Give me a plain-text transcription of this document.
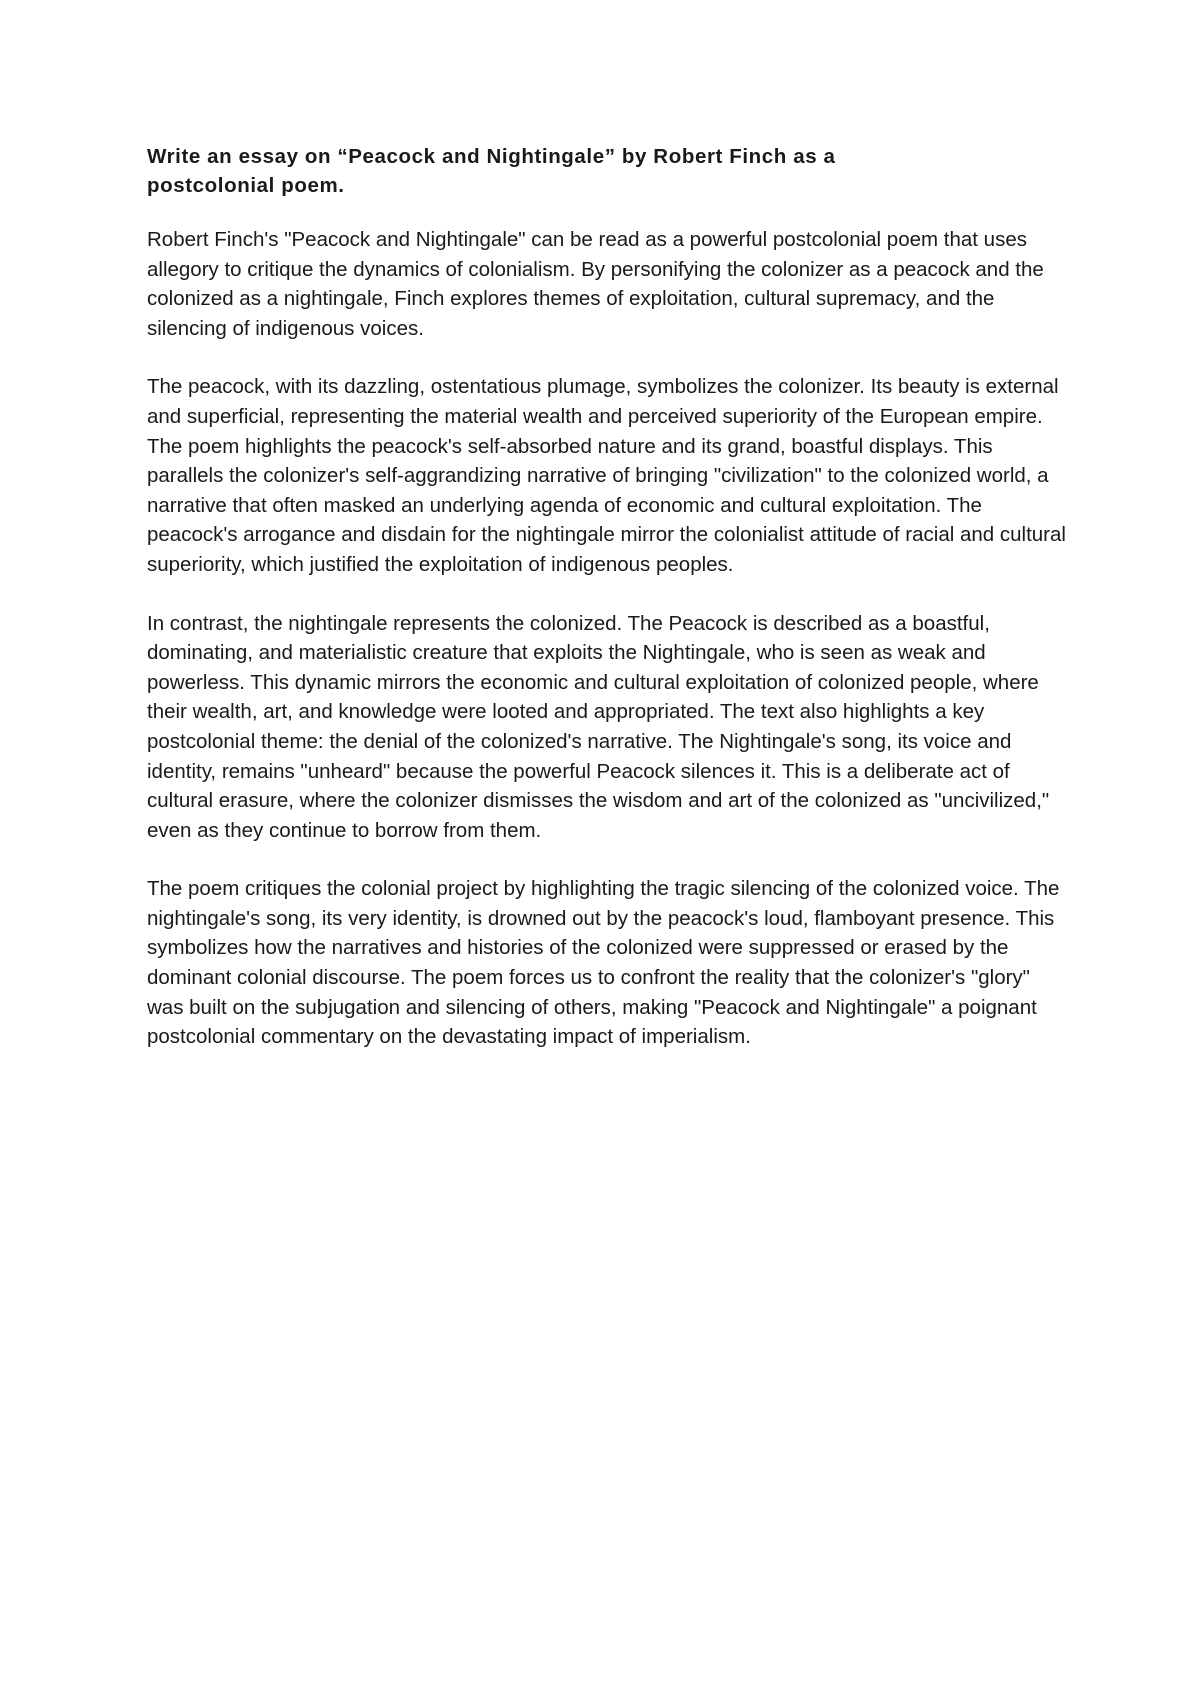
Write an essay on “Peacock and Nightingale” by Robert Finch as a postcolonial poem.

Robert Finch's "Peacock and Nightingale" can be read as a powerful postcolonial poem that uses allegory to critique the dynamics of colonialism. By personifying the colonizer as a peacock and the colonized as a nightingale, Finch explores themes of exploitation, cultural supremacy, and the silencing of indigenous voices.

The peacock, with its dazzling, ostentatious plumage, symbolizes the colonizer. Its beauty is external and superficial, representing the material wealth and perceived superiority of the European empire. The poem highlights the peacock's self-absorbed nature and its grand, boastful displays. This parallels the colonizer's self-aggrandizing narrative of bringing "civilization" to the colonized world, a narrative that often masked an underlying agenda of economic and cultural exploitation. The peacock's arrogance and disdain for the nightingale mirror the colonialist attitude of racial and cultural superiority, which justified the exploitation of indigenous peoples.

In contrast, the nightingale represents the colonized. The Peacock is described as a boastful, dominating, and materialistic creature that exploits the Nightingale, who is seen as weak and powerless. This dynamic mirrors the economic and cultural exploitation of colonized people, where their wealth, art, and knowledge were looted and appropriated. The text also highlights a key postcolonial theme: the denial of the colonized's narrative. The Nightingale's song, its voice and identity, remains "unheard" because the powerful Peacock silences it. This is a deliberate act of cultural erasure, where the colonizer dismisses the wisdom and art of the colonized as "uncivilized," even as they continue to borrow from them.

The poem critiques the colonial project by highlighting the tragic silencing of the colonized voice. The nightingale's song, its very identity, is drowned out by the peacock's loud, flamboyant presence. This symbolizes how the narratives and histories of the colonized were suppressed or erased by the dominant colonial discourse. The poem forces us to confront the reality that the colonizer's "glory" was built on the subjugation and silencing of others, making "Peacock and Nightingale" a poignant postcolonial commentary on the devastating impact of imperialism.
